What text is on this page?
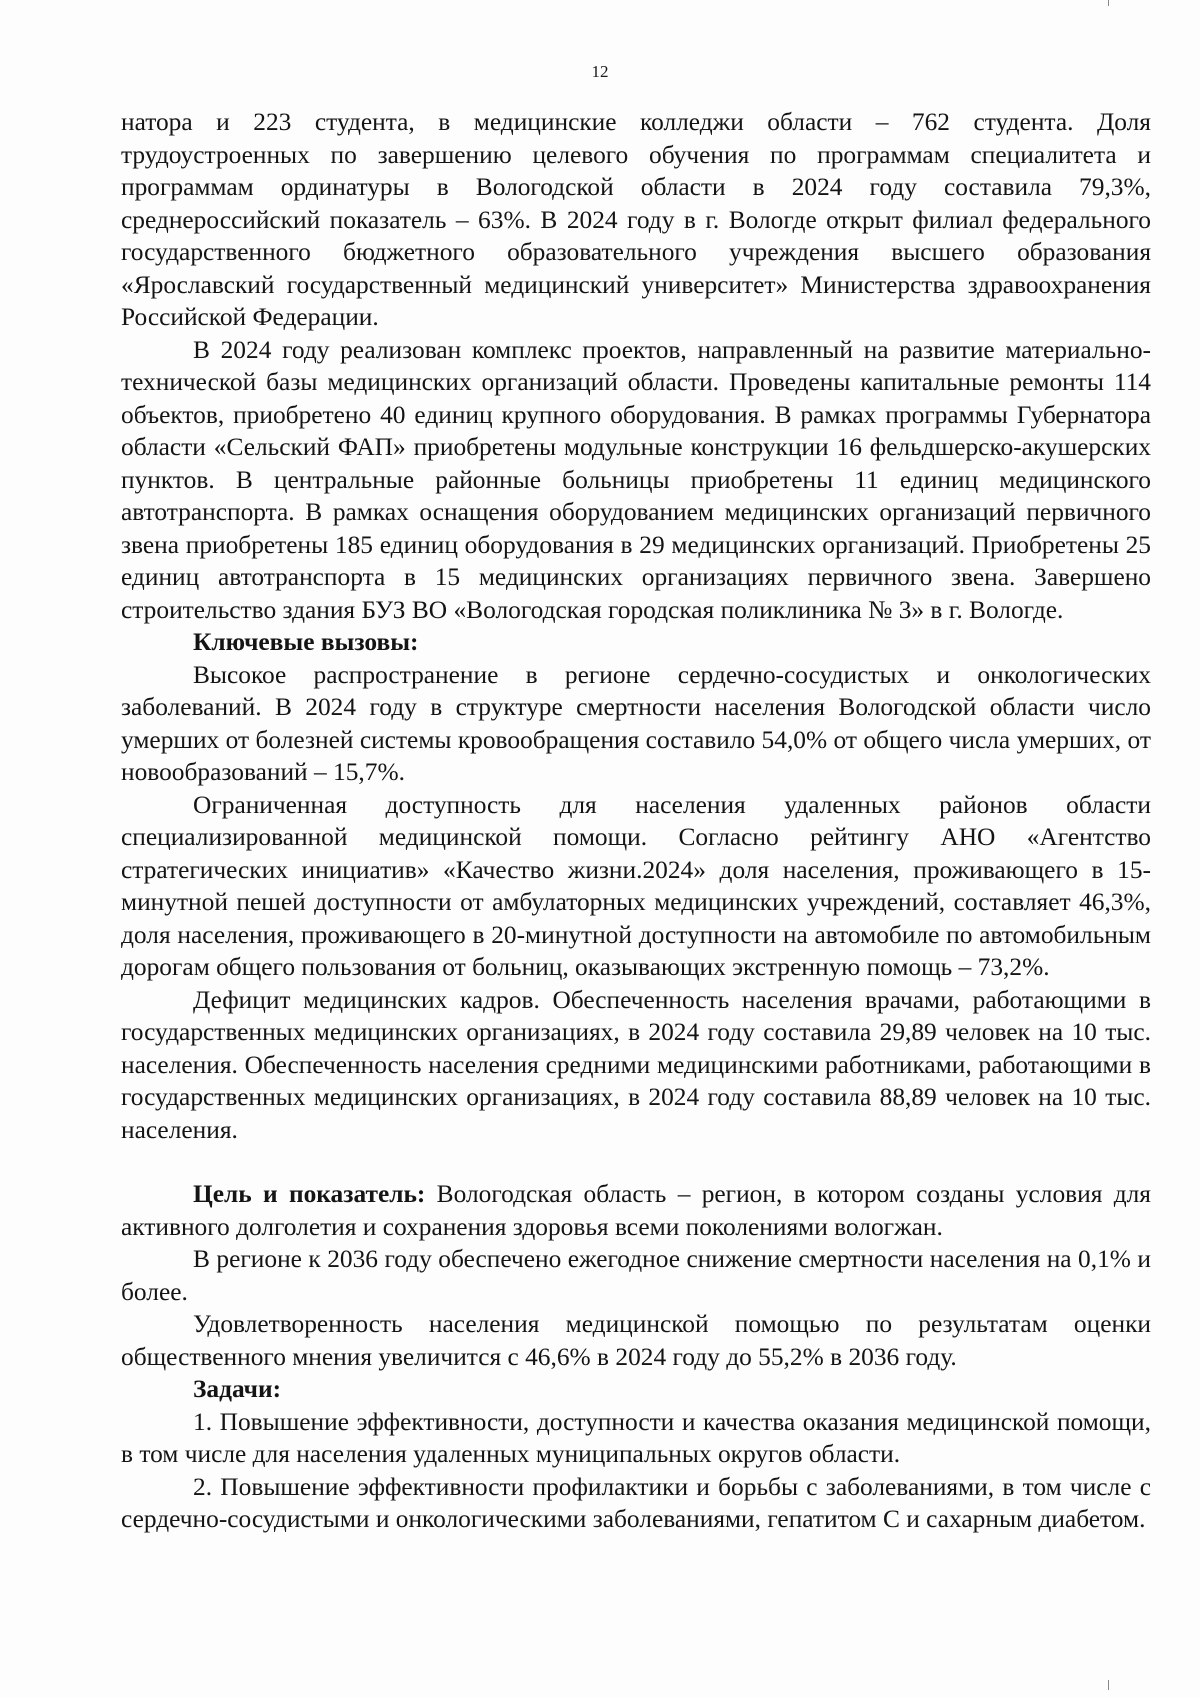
12

натора и 223 студента, в медицинские колледжи области – 762 студента. Доля трудоустроенных по завершению целевого обучения по программам специалитета и программам ординатуры в Вологодской области в 2024 году составила 79,3%, среднероссийский показатель – 63%. В 2024 году в г. Вологде открыт филиал федерального государственного бюджетного образовательного учреждения высшего образования «Ярославский государственный медицинский университет» Министерства здравоохранения Российской Федерации.

В 2024 году реализован комплекс проектов, направленный на развитие материально-технической базы медицинских организаций области. Проведены капитальные ремонты 114 объектов, приобретено 40 единиц крупного оборудования. В рамках программы Губернатора области «Сельский ФАП» приобретены модульные конструкции 16 фельдшерско-акушерских пунктов. В центральные районные больницы приобретены 11 единиц медицинского автотранспорта. В рамках оснащения оборудованием медицинских организаций первичного звена приобретены 185 единиц оборудования в 29 медицинских организаций. Приобретены 25 единиц автотранспорта в 15 медицинских организациях первичного звена. Завершено строительство здания БУЗ ВО «Вологодская городская поликлиника № 3» в г. Вологде.

Ключевые вызовы:

Высокое распространение в регионе сердечно-сосудистых и онкологических заболеваний. В 2024 году в структуре смертности населения Вологодской области число умерших от болезней системы кровообращения составило 54,0% от общего числа умерших, от новообразований – 15,7%.

Ограниченная доступность для населения удаленных районов области специализированной медицинской помощи. Согласно рейтингу АНО «Агентство стратегических инициатив» «Качество жизни.2024» доля населения, проживающего в 15-минутной пешей доступности от амбулаторных медицинских учреждений, составляет 46,3%, доля населения, проживающего в 20-минутной доступности на автомобиле по автомобильным дорогам общего пользования от больниц, оказывающих экстренную помощь – 73,2%.

Дефицит медицинских кадров. Обеспеченность населения врачами, работающими в государственных медицинских организациях, в 2024 году составила 29,89 человек на 10 тыс. населения. Обеспеченность населения средними медицинскими работниками, работающими в государственных медицинских организациях, в 2024 году составила 88,89 человек на 10 тыс. населения.

Цель и показатель: Вологодская область – регион, в котором созданы условия для активного долголетия и сохранения здоровья всеми поколениями вологжан.

В регионе к 2036 году обеспечено ежегодное снижение смертности населения на 0,1% и более.

Удовлетворенность населения медицинской помощью по результатам оценки общественного мнения увеличится с 46,6% в 2024 году до 55,2% в 2036 году.

Задачи:

1. Повышение эффективности, доступности и качества оказания медицинской помощи, в том числе для населения удаленных муниципальных округов области.

2. Повышение эффективности профилактики и борьбы с заболеваниями, в том числе с сердечно-сосудистыми и онкологическими заболеваниями, гепатитом С и сахарным диабетом.
